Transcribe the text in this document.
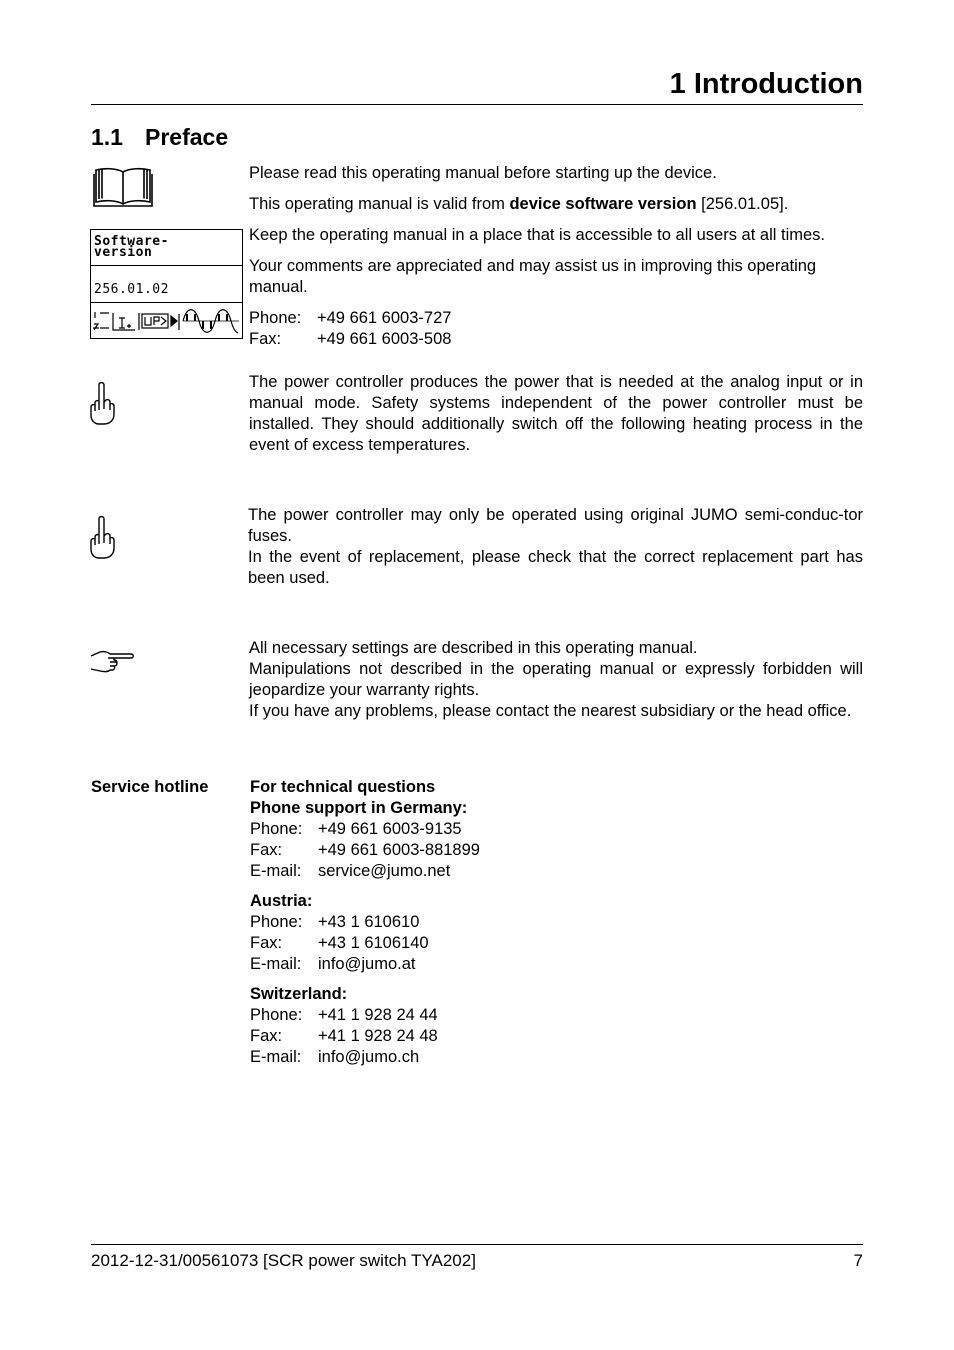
1 Introduction
1.1 Preface
Software-
version
256.01.02

Please read this operating manual before starting up the device.

This operating manual is valid from device software version [256.01.05].

Keep the operating manual in a place that is accessible to all users at all times.

Your comments are appreciated and may assist us in improving this operating manual.

Phone: +49 661 6003-727
Fax:	+49 661 6003-508

The power controller produces the power that is needed at the analog input or in manual mode. Safety systems independent of the power controller must be installed. They should additionally switch off the following heating process in the event of excess temperatures.

The power controller may only be operated using original JUMO semi-conduc-tor fuses.

In the event of replacement, please check that the correct replacement part has been used.

All necessary settings are described in this operating manual.

Manipulations not described in the operating manual or expressly forbidden will jeopardize your warranty rights.

If you have any problems, please contact the nearest subsidiary or the head office.

Service hotline	For technical questions

Phone support in Germany:

Phone: +49 661 6003-9135
Fax:	+49 661 6003-881899
E-mail:	service@jumo.net

Austria:

Phone: +43 1 610610
Fax:	+43 1 6106140
E-mail:	info@jumo.at

Switzerland:

Phone: +41 1 928 24 44
Fax:	+41 1 928 24 48
E-mail:	info@jumo.ch
2012-12-31/00561073 [SCR power switch TYA202]	7
